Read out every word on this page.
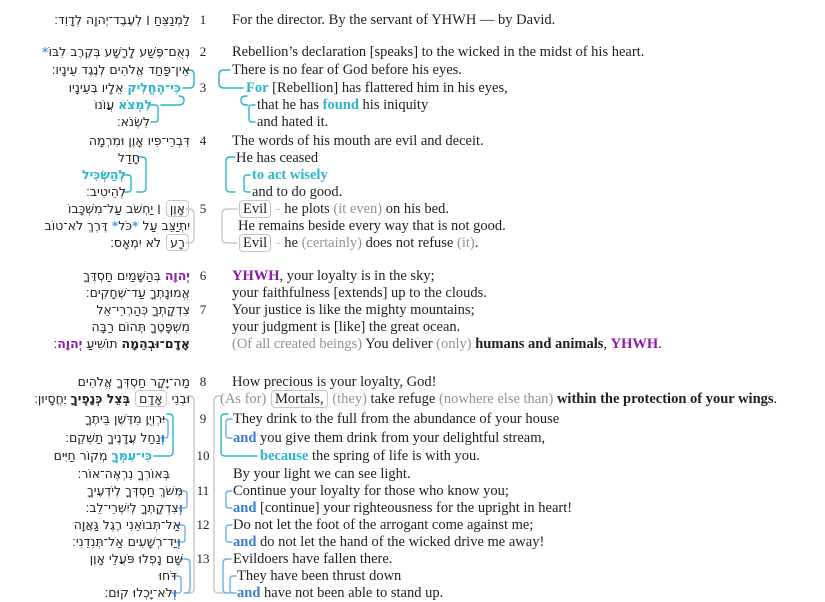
1	For the director. By the servant of YHWH — by David.
לַמְנַצֵּחַ ׀ לְעֶבֶד־יְהוָה לְדָוִד׃
2	Rebellion’s declaration [speaks] to the wicked in the midst of his heart.
נְאֻם־פֶּשַׁע לָרָשָׁע בְּקֶרֶב לִבּוֹ*
There is no fear of God before his eyes.
אֵין־פַּחַד אֱלֹהִים לְנֶגֶד עֵינָיו׃
3	For [Rebellion] has flattered him in his eyes,
כִּי־הֶחֱלִיק אֵלָיו בְּעֵינָיו
that he has found his iniquity
לִמְצֹא עֲוֹנוֹ
and hated it.
לִשְׂנֹא׃
4	The words of his mouth are evil and deceit.
דִּבְרֵי־פִיו אָוֶן וּמִרְמָה
He has ceased
חָדַל
to act wisely
לְהַשְׂכִּיל
and to do good.
לְהֵיטִיב׃
5	Evil - he plots (it even) on his bed.
אָוֶן ׀ יַחְשֹׁב עַל־מִשְׁכָּבוֹ
He remains beside every way that is not good.
יִתְיַצֵּב עַל *כֹּל* דֶּרֶךְ לֹא־טוֹב
Evil - he (certainly) does not refuse (it).
רָע לֹא יִמְאָס׃
6	YHWH, your loyalty is in the sky;
יְהוָה בְּהַשָּׁמַיִם חַסְדֶּךָ
your faithfulness [extends] up to the clouds.
אֱמוּנָתְךָ עַד־שְׁחָקִים׃
7	Your justice is like the mighty mountains;
צִדְקָתְךָ כְּהַרְרֵי־אֵל
your judgment is [like] the great ocean.
מִשְׁפָּטֶךָ תְּהוֹם רַבָּה
(Of all created beings) You deliver (only) humans and animals, YHWH.
אָדָם־וּבְהֵמָה תוֹשִׁיעַ יְהוָה׃
8	How precious is your loyalty, God!
מַה־יָּקָר חַסְדְּךָ אֱלֹהִים
(As for) Mortals, (they) take refuge (nowhere else than) within the protection of your wings.
וּבְנֵי אָדָם בְּצֵל כְּנָפֶיךָ יֶחֱסָיוּן׃
9	They drink to the full from the abundance of your house
יִרְוְיֻן מִדֶּשֶׁן בֵּיתֶךָ
and you give them drink from your delightful stream,
וְנַחַל עֲדָנֶיךָ תַשְׁקֵם׃
10	because the spring of life is with you.
כִּי־עִמְּךָ מְקוֹר חַיִּים
By your light we can see light.
בְּאוֹרְךָ נִרְאֶה־אוֹר׃
11 Continue your loyalty for those who know you;
מְשֹׁךְ חַסְדְּךָ לְיֹדְעֶיךָ
and [continue] your righteousness for the upright in heart!
וְצִדְקָתְךָ לְיִשְׁרֵי־לֵב׃
12 Do not let the foot of the arrogant come against me;
אַל־תְּבוֹאֵנִי רֶגֶל גַּאֲוָה
and do not let the hand of the wicked drive me away!
וְיַד־רְשָׁעִים אַל־תְּנִדֵנִי׃
13 Evildoers have fallen there.
שָׁם נָפְלוּ פֹּעֲלֵי אָוֶן
They have been thrust down
דֹּחוּ
and have not been able to stand up.
וְלֹא־יָכְלוּ קוּם׃
